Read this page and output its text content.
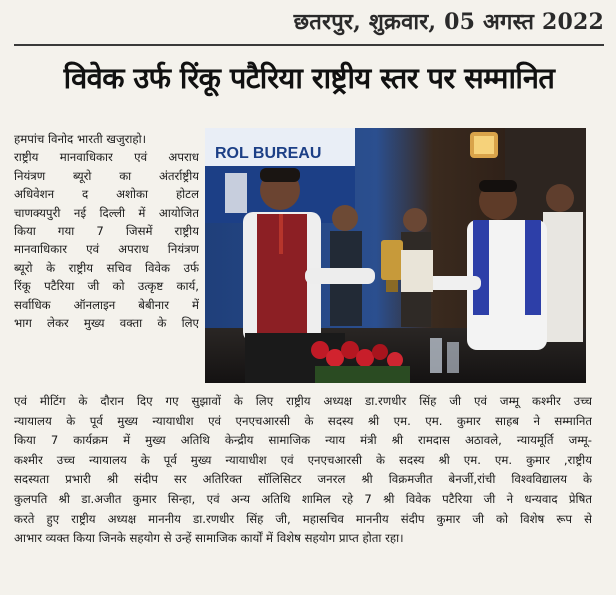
छतरपुर, शुक्रवार, 05 अगस्त 2022
विवेक उर्फ रिंकू पटैरिया राष्ट्रीय स्तर पर सम्मानित
हमपांच विनोद भारती खजुराहो।
राष्ट्रीय मानवाधिकार एवं अपराध
नियंत्रण ब्यूरो का अंतर्राष्ट्रीय
अधिवेशन द अशोका होटल
चाणक्यपुरी नई दिल्ली में आयोजित
किया गया 7 जिसमें राष्ट्रीय
मानवाधिकार एवं अपराध नियंत्रण
ब्यूरो के राष्ट्रीय सचिव विवेक उर्फ
रिंकू पटैरिया जी को उत्कृष्ट कार्य,
सर्वाधिक ऑनलाइन बेबीनार में
भाग लेकर मुख्य वक्ता के लिए
ROL BUREAU
एवं मीटिंग के दौरान दिए गए सुझावों के लिए राष्ट्रीय अध्यक्ष डा.रणधीर सिंह जी एवं जम्मू कश्मीर उच्च
न्यायालय के पूर्व मुख्य न्यायाधीश एवं एनएचआरसी के सदस्य श्री एम. एम. कुमार साहब ने सम्मानित
किया 7 कार्यक्रम में मुख्य अतिथि केन्द्रीय सामाजिक न्याय मंत्री श्री रामदास अठावले, न्यायमूर्ति जम्मू-
कश्मीर उच्च न्यायालय के पूर्व मुख्य न्यायाधीश एवं एनएचआरसी के सदस्य श्री एम. एम. कुमार ,राष्ट्रीय
सदस्यता प्रभारी श्री संदीप सर अतिरिक्त सॉलिसिटर जनरल श्री विक्रमजीत बेनर्जी,रांची विश्वविद्यालय के
कुलपति श्री डा.अजीत कुमार सिन्हा, एवं अन्य अतिथि शामिल रहे 7 श्री विवेक पटैरिया जी ने धन्यवाद प्रेषित
करते हुए राष्ट्रीय अध्यक्ष माननीय डा.रणधीर सिंह जी, महासचिव माननीय संदीप कुमार जी को विशेष रूप से
आभार व्यक्त किया जिनके सहयोग से उन्हें सामाजिक कार्यों में विशेष सहयोग प्राप्त होता रहा।
